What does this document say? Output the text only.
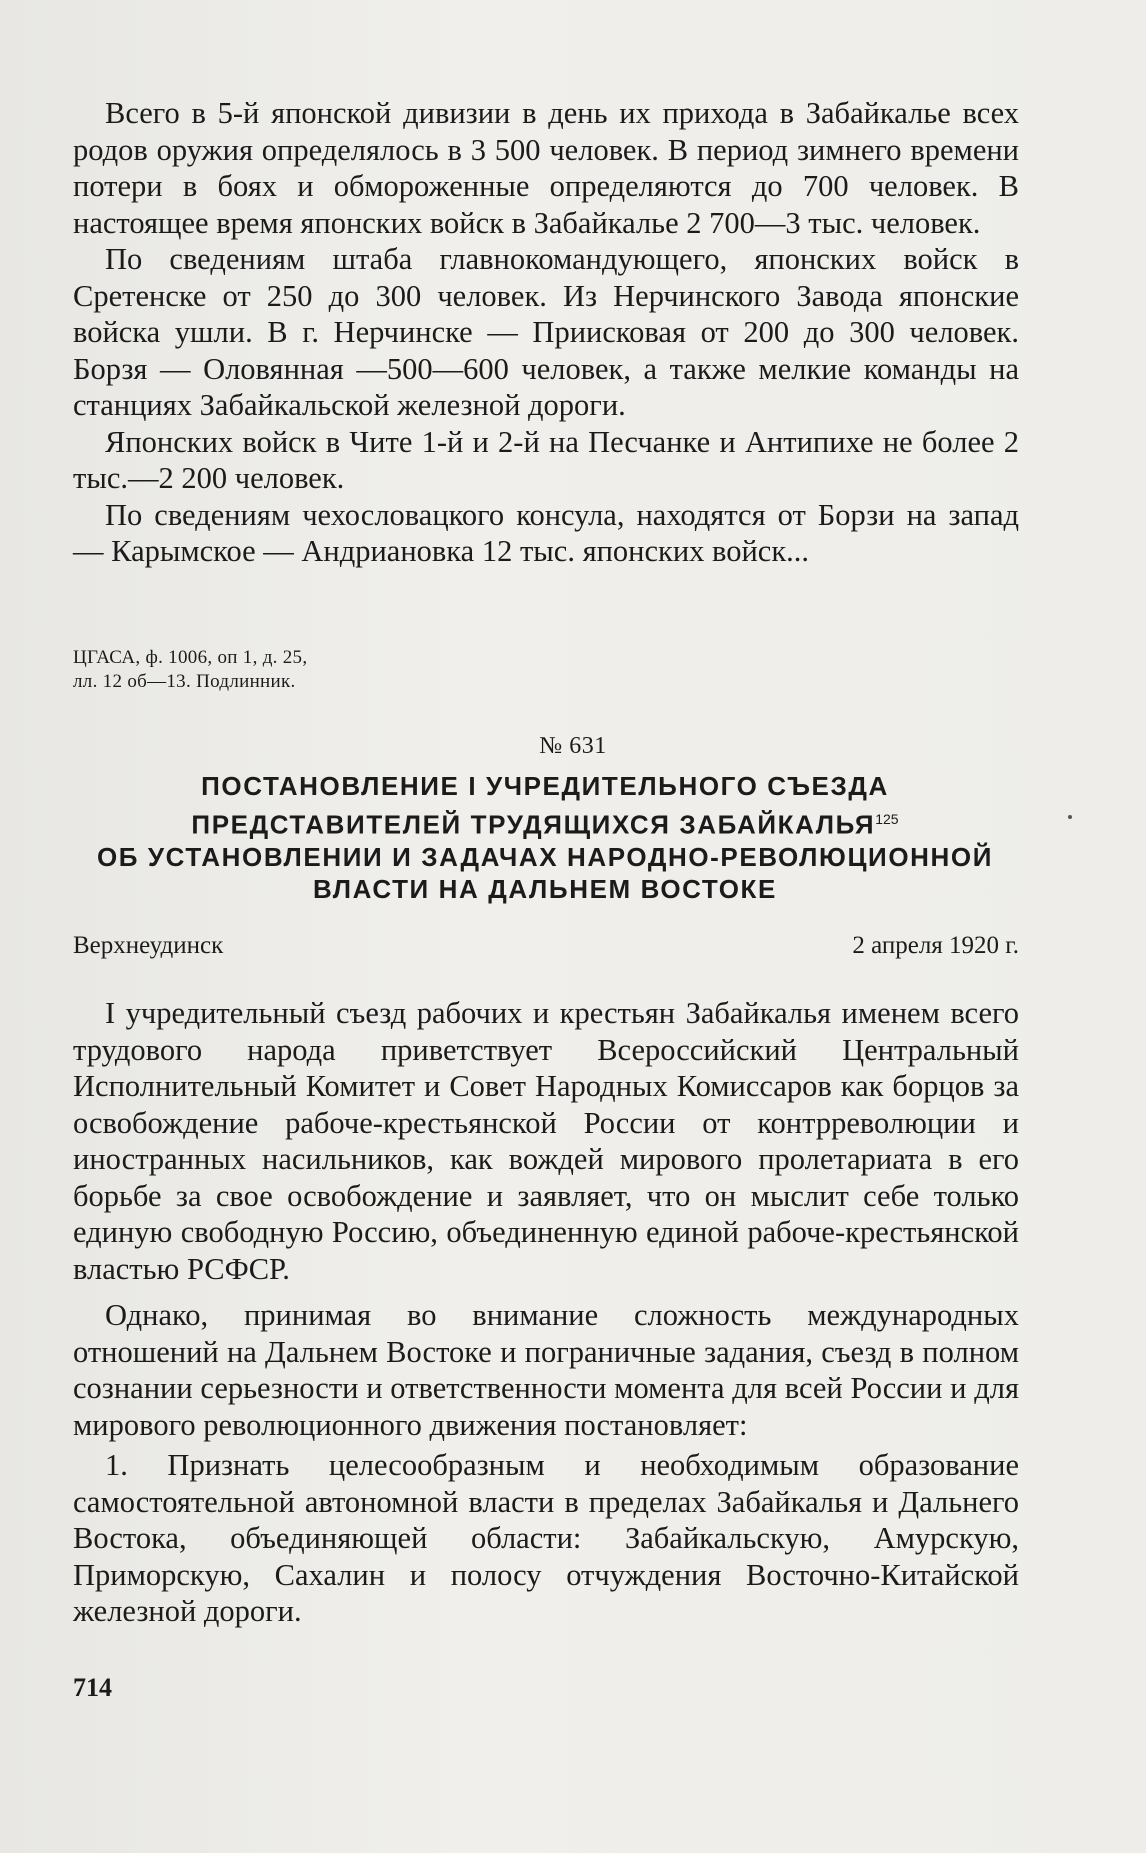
Всего в 5-й японской дивизии в день их прихода в Забайкалье всех родов оружия определялось в 3 500 человек. В период зимнего времени потери в боях и обмороженные определяются до 700 человек. В настоящее время японских войск в Забайкалье 2 700—3 тыс. человек.

По сведениям штаба главнокомандующего, японских войск в Сретенске от 250 до 300 человек. Из Нерчинского Завода японские войска ушли. В г. Нерчинске — Приисковая от 200 до 300 человек. Борзя — Оловянная —500—600 человек, а также мелкие команды на станциях Забайкальской железной дороги.

Японских войск в Чите 1-й и 2-й на Песчанке и Антипихе не более 2 тыс.—2 200 человек.

По сведениям чехословацкого консула, находятся от Борзи на запад — Карымское — Андриановка 12 тыс. японских войск...

ЦГАСА, ф. 1006, оп 1, д. 25,
лл. 12 об—13. Подлинник.
№ 631
ПОСТАНОВЛЕНИЕ I УЧРЕДИТЕЛЬНОГО СЪЕЗДА
ПРЕДСТАВИТЕЛЕЙ ТРУДЯЩИХСЯ ЗАБАЙКАЛЬЯ$^{125}$
ОБ УСТАНОВЛЕНИИ И ЗАДАЧАХ НАРОДНО-РЕВОЛЮЦИОННОЙ
ВЛАСТИ НА ДАЛЬНЕМ ВОСТОКЕ
Верхнеудинск	2 апреля 1920 г.

I учредительный съезд рабочих и крестьян Забайкалья именем всего трудового народа приветствует Всероссийский Центральный Исполнительный Комитет и Совет Народных Комиссаров как борцов за освобождение рабоче-крестьянской России от контрреволюции и иностранных насильников, как вождей мирового пролетариата в его борьбе за свое освобождение и заявляет, что он мыслит себе только единую свободную Россию, объединенную единой рабоче-крестьянской властью РСФСР.

Однако, принимая во внимание сложность международных отношений на Дальнем Востоке и пограничные задания, съезд в полном сознании серьезности и ответственности момента для всей России и для мирового революционного движения постановляет:

1. Признать целесообразным и необходимым образование самостоятельной автономной власти в пределах Забайкалья и Дальнего Востока, объединяющей области: Забайкальскую, Амурскую, Приморскую, Сахалин и полосу отчуждения Восточно-Китайской железной дороги.

714
